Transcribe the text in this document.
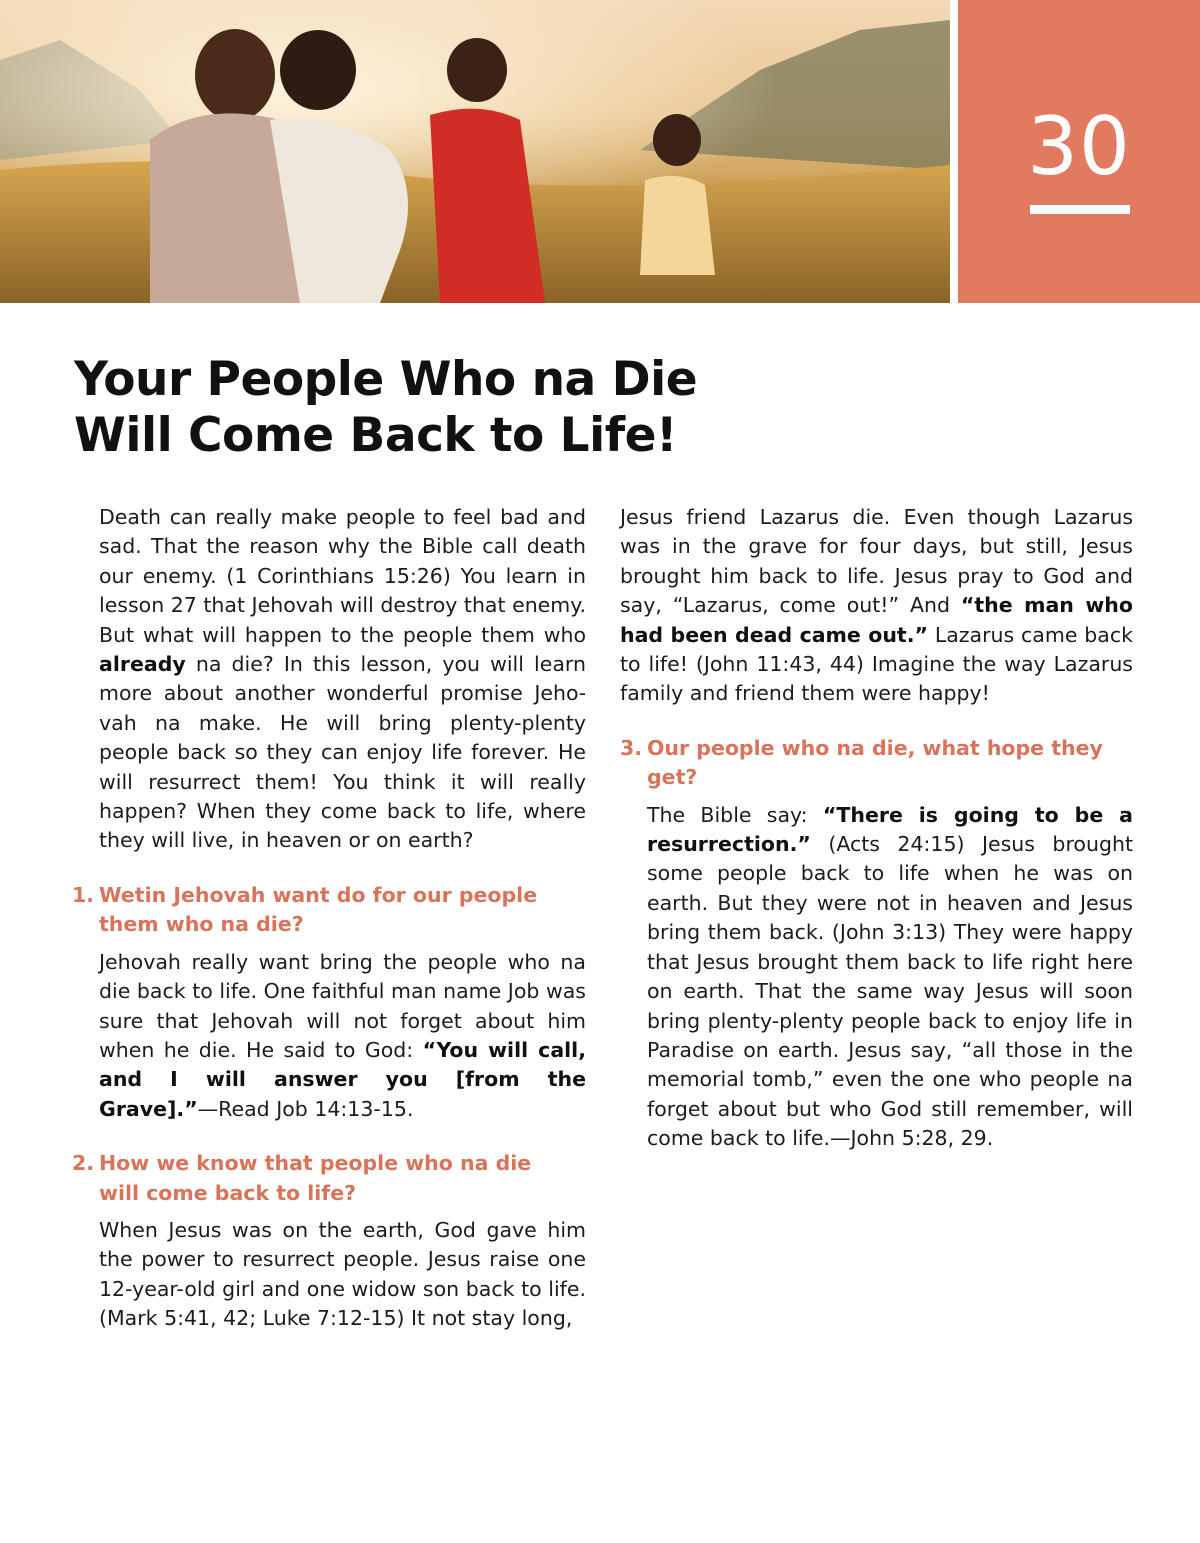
30
Your People Who na Die
Will Come Back to Life!

Death can really make people to feel bad and sad. That the reason why the Bible call death our enemy. (1 Corinthians 15:26) You learn in lesson 27 that Jehovah will destroy that enemy. But what will happen to the people them who already na die? In this lesson, you will learn more about another wonderful promise Jehovah na make. He will bring plenty-plenty people back so they can enjoy life forever. He will resurrect them! You think it will really happen? When they come back to life, where they will live, in heaven or on earth?

1. Wetin Jehovah want do for our people them who na die?

Jehovah really want bring the people who na die back to life. One faithful man name Job was sure that Jehovah will not forget about him when he die. He said to God: “You will call, and I will answer you [from the Grave].”—Read Job 14:13-15.

2. How we know that people who na die will come back to life?

When Jesus was on the earth, God gave him the power to resurrect people. Jesus raise one 12-year-old girl and one widow son back to life. (Mark 5:41, 42; Luke 7:12-15) It not stay long,

Jesus friend Lazarus die. Even though Lazarus was in the grave for four days, but still, Jesus brought him back to life. Jesus pray to God and say, “Lazarus, come out!” And “the man who had been dead came out.” Lazarus came back to life! (John 11:43, 44) Imagine the way Lazarus family and friend them were happy!

3. Our people who na die, what hope they get?

The Bible say: “There is going to be a resurrection.” (Acts 24:15) Jesus brought some people back to life when he was on earth. But they were not in heaven and Jesus bring them back. (John 3:13) They were happy that Jesus brought them back to life right here on earth. That the same way Jesus will soon bring plenty-plenty people back to enjoy life in Paradise on earth. Jesus say, “all those in the memorial tomb,” even the one who people na forget about but who God still remember, will come back to life.—John 5:28, 29.
